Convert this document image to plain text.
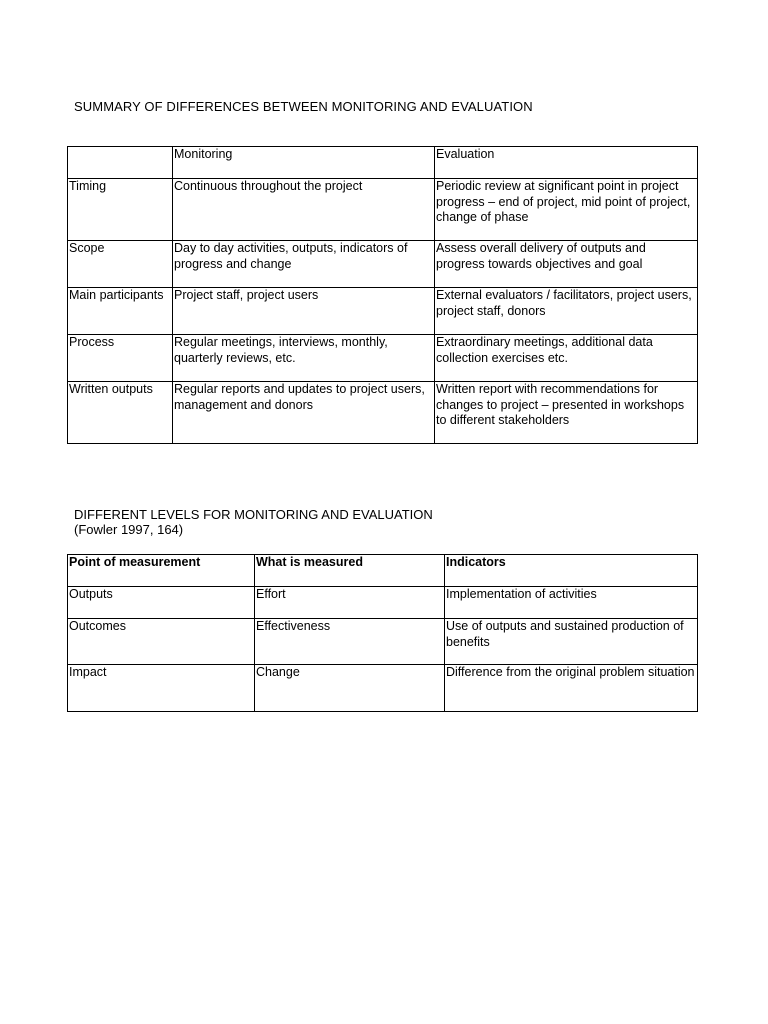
SUMMARY OF DIFFERENCES BETWEEN MONITORING AND EVALUATION
	Monitoring	Evaluation
Timing	Continuous throughout the project	Periodic review at significant point in project progress – end of project, mid point of project, change of phase
Scope	Day to day activities, outputs, indicators of progress and change	Assess overall delivery of outputs and progress towards objectives and goal
Main participants	Project staff, project users	External evaluators / facilitators, project users, project staff, donors
Process	Regular meetings, interviews, monthly, quarterly reviews, etc.	Extraordinary meetings, additional data collection exercises etc.
Written outputs	Regular reports and updates to project users, management and donors	Written report with recommendations for changes to project – presented in workshops to different stakeholders
DIFFERENT LEVELS FOR MONITORING AND EVALUATION
(Fowler 1997, 164)
Point of measurement	What is measured	Indicators
Outputs	Effort	Implementation of activities
Outcomes	Effectiveness	Use of outputs and sustained production of benefits
Impact	Change	Difference from the original problem situation
